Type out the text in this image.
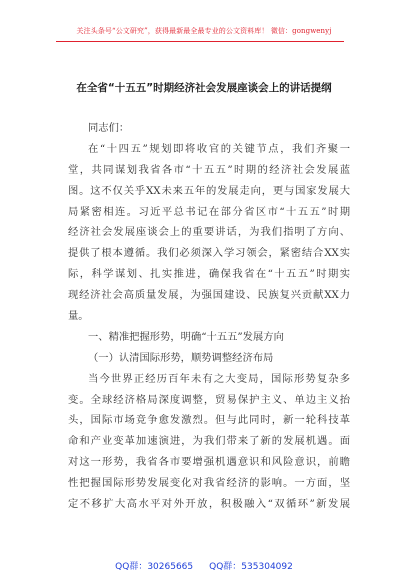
关注头条号“公文研究”，获得最新最全最专业的公文资料库！ 微信：gongwenyj
在全省“十五五”时期经济社会发展座谈会上的讲话提纲
同志们：
在“十四五”规划即将收官的关键节点，我们齐聚一
堂，共同谋划我省各市“十五五”时期的经济社会发展蓝
图。这不仅关乎XX未来五年的发展走向，更与国家发展大
局紧密相连。习近平总书记在部分省区市“十五五”时期
经济社会发展座谈会上的重要讲话，为我们指明了方向、
提供了根本遵循。我们必须深入学习领会，紧密结合XX实
际，科学谋划、扎实推进，确保我省在“十五五”时期实
现经济社会高质量发展，为强国建设、民族复兴贡献XX力
量。
一、精准把握形势，明确“十五五”发展方向
（一）认清国际形势，顺势调整经济布局
当今世界正经历百年未有之大变局，国际形势复杂多
变。全球经济格局深度调整，贸易保护主义、单边主义抬
头，国际市场竞争愈发激烈。但与此同时，新一轮科技革
命和产业变革加速演进，为我们带来了新的发展机遇。面
对这一形势，我省各市要增强机遇意识和风险意识，前瞻
性把握国际形势发展变化对我省经济的影响。一方面，坚
定不移扩大高水平对外开放，积极融入“双循环”新发展
QQ群：30265665 QQ群：535304092
